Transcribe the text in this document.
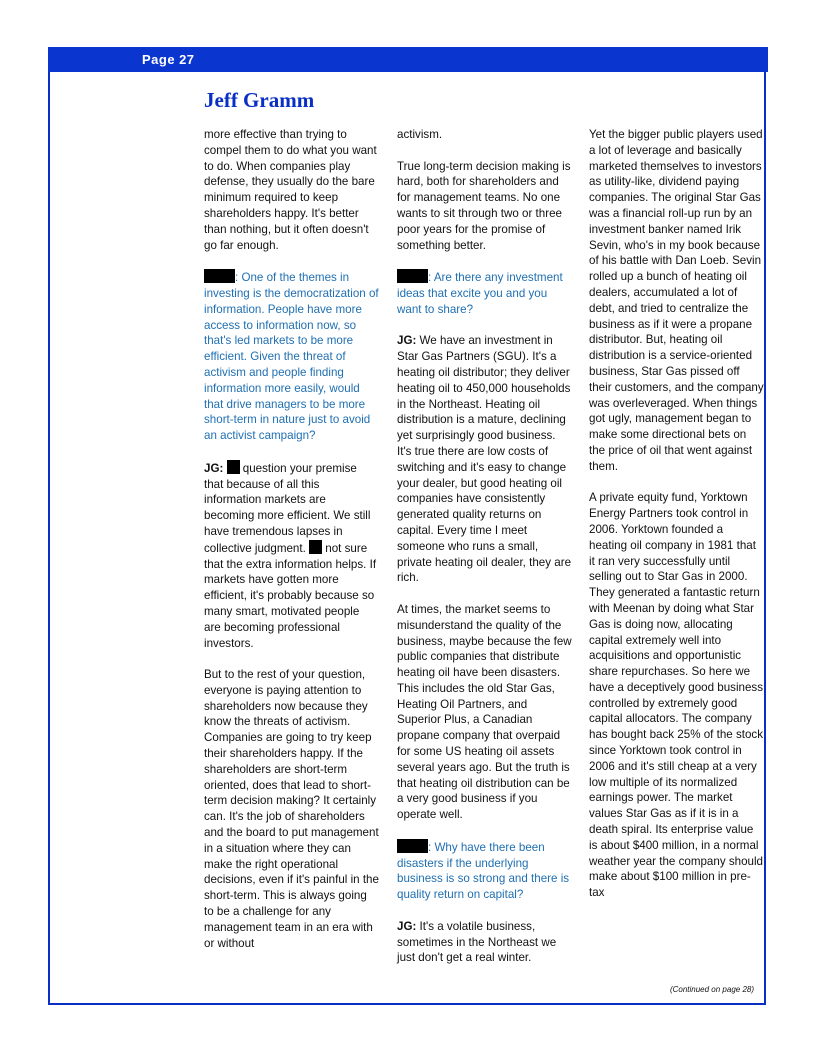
Page 27
Jeff Gramm

more effective than trying to compel them to do what you want to do. When companies play defense, they usually do the bare minimum required to keep shareholders happy. It's better than nothing, but it often doesn't go far enough.

: One of the themes in investing is the democratization of information. People have more access to information now, so that's led markets to be more efficient. Given the threat of activism and people finding information more easily, would that drive managers to be more short-term in nature just to avoid an activist campaign?

JG:  question your premise that because of all this information markets are becoming more efficient. We still have tremendous lapses in collective judgment.  not sure that the extra information helps. If markets have gotten more efficient, it's probably because so many smart, motivated people are becoming professional investors.

But to the rest of your question, everyone is paying attention to shareholders now because they know the threats of activism. Companies are going to try keep their shareholders happy. If the shareholders are short-term oriented, does that lead to short-term decision making? It certainly can. It's the job of shareholders and the board to put management in a situation where they can make the right operational decisions, even if it's painful in the short-term. This is always going to be a challenge for any management team in an era with or without

activism.

True long-term decision making is hard, both for shareholders and for management teams. No one wants to sit through two or three poor years for the promise of something better.

: Are there any investment ideas that excite you and you want to share?

JG: We have an investment in Star Gas Partners (SGU). It's a heating oil distributor; they deliver heating oil to 450,000 households in the Northeast. Heating oil distribution is a mature, declining yet surprisingly good business. It's true there are low costs of switching and it's easy to change your dealer, but good heating oil companies have consistently generated quality returns on capital. Every time I meet someone who runs a small, private heating oil dealer, they are rich.

At times, the market seems to misunderstand the quality of the business, maybe because the few public companies that distribute heating oil have been disasters. This includes the old Star Gas, Heating Oil Partners, and Superior Plus, a Canadian propane company that overpaid for some US heating oil assets several years ago. But the truth is that heating oil distribution can be a very good business if you operate well.

: Why have there been disasters if the underlying business is so strong and there is quality return on capital?

JG: It's a volatile business, sometimes in the Northeast we just don't get a real winter.

Yet the bigger public players used a lot of leverage and basically marketed themselves to investors as utility-like, dividend paying companies. The original Star Gas was a financial roll-up run by an investment banker named Irik Sevin, who's in my book because of his battle with Dan Loeb. Sevin rolled up a bunch of heating oil dealers, accumulated a lot of debt, and tried to centralize the business as if it were a propane distributor. But, heating oil distribution is a service-oriented business, Star Gas pissed off their customers, and the company was overleveraged. When things got ugly, management began to make some directional bets on the price of oil that went against them.

A private equity fund, Yorktown Energy Partners took control in 2006. Yorktown founded a heating oil company in 1981 that it ran very successfully until selling out to Star Gas in 2000. They generated a fantastic return with Meenan by doing what Star Gas is doing now, allocating capital extremely well into acquisitions and opportunistic share repurchases. So here we have a deceptively good business controlled by extremely good capital allocators. The company has bought back 25% of the stock since Yorktown took control in 2006 and it's still cheap at a very low multiple of its normalized earnings power. The market values Star Gas as if it is in a death spiral. Its enterprise value is about $400 million, in a normal weather year the company should make about $100 million in pre-tax

(Continued on page 28)
